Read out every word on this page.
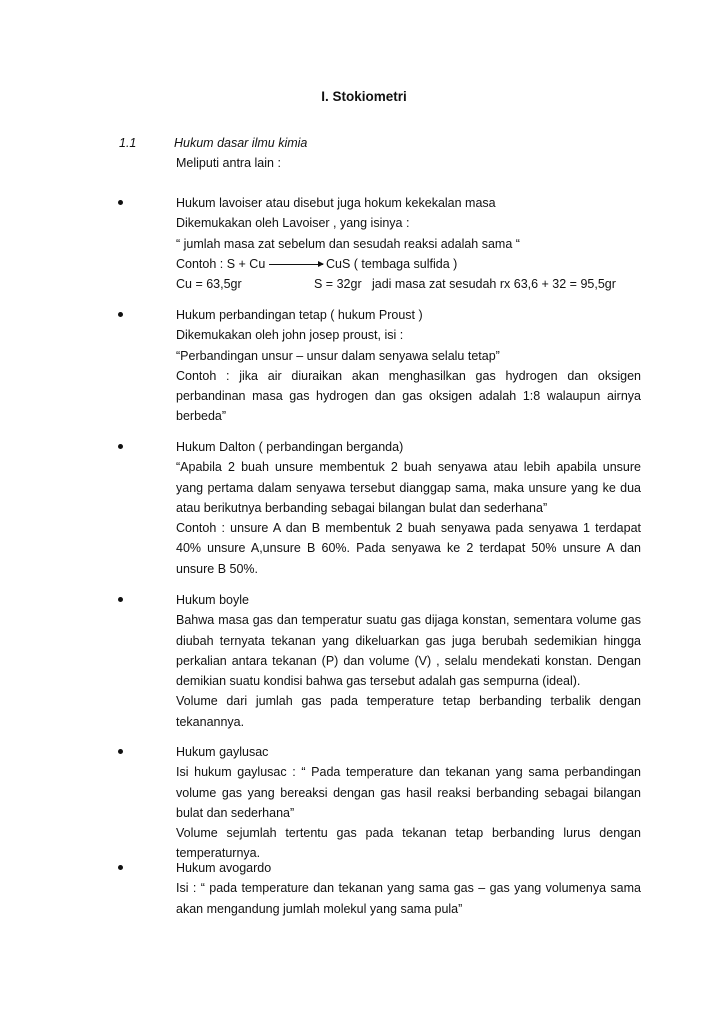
I. Stokiometri
1.1	Hukum dasar ilmu kimia
Meliputi antra lain :

Hukum lavoiser atau disebut juga hokum kekekalan masa

Dikemukakan oleh Lavoiser , yang isinya :

“ jumlah masa zat sebelum dan sesudah reaksi adalah sama “

Contoh : S + Cu	CuS ( tembaga sulfida )
Cu = 63,5gr	S = 32gr jadi masa zat sesudah rx 63,6 + 32 = 95,5gr

Hukum perbandingan tetap ( hukum Proust )

Dikemukakan oleh john josep proust, isi :

“Perbandingan unsur – unsur dalam senyawa selalu tetap”

Contoh : jika air diuraikan akan menghasilkan gas hydrogen dan oksigen perbandinan masa gas hydrogen dan gas oksigen adalah 1:8 walaupun airnya berbeda”

Hukum Dalton ( perbandingan berganda)

“Apabila 2 buah unsure membentuk 2 buah senyawa atau lebih apabila unsure yang pertama dalam senyawa tersebut dianggap sama, maka unsure yang ke dua atau berikutnya berbanding sebagai bilangan bulat dan sederhana”

Contoh : unsure A dan B membentuk 2 buah senyawa pada senyawa 1 terdapat 40% unsure A,unsure B 60%. Pada senyawa ke 2 terdapat 50% unsure A dan unsure B 50%.

Hukum boyle

Bahwa masa gas dan temperatur suatu gas dijaga konstan, sementara volume gas diubah ternyata tekanan yang dikeluarkan gas juga berubah sedemikian hingga perkalian antara tekanan (P) dan volume (V) , selalu mendekati konstan. Dengan demikian suatu kondisi bahwa gas tersebut adalah gas sempurna (ideal).

Volume dari jumlah gas pada temperature tetap berbanding terbalik dengan tekanannya.

Hukum gaylusac

Isi hukum gaylusac : “ Pada temperature dan tekanan yang sama perbandingan volume gas yang bereaksi dengan gas hasil reaksi berbanding sebagai bilangan bulat dan sederhana”

Volume sejumlah tertentu gas pada tekanan tetap berbanding lurus dengan temperaturnya.

Hukum avogardo

Isi : “ pada temperature dan tekanan yang sama gas – gas yang volumenya sama akan mengandung jumlah molekul yang sama pula”
